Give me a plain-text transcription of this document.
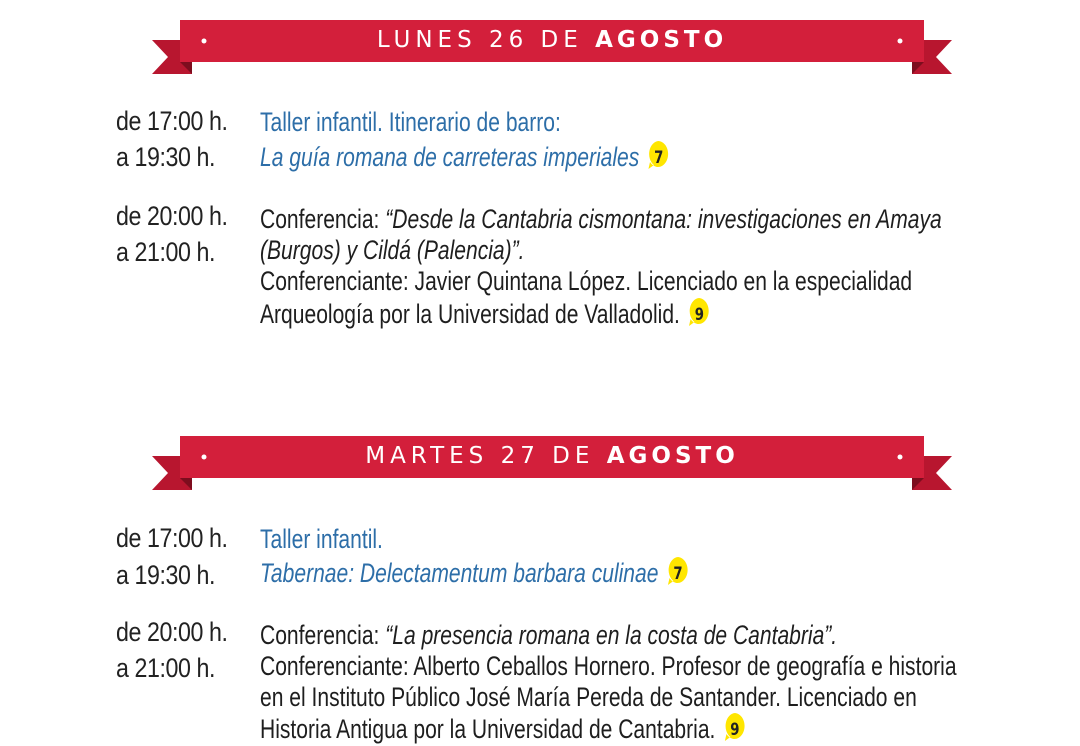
LUNES 26 DE AGOSTO
de 17:00 h.
a 19:30 h.
Taller infantil. Itinerario de barro:
La guía romana de carreteras imperiales 7
de 20:00 h.
a 21:00 h.
Conferencia: “Desde la Cantabria cismontana: investigaciones en Amaya
(Burgos) y Cildá (Palencia)”.
Conferenciante: Javier Quintana López. Licenciado en la especialidad
Arqueología por la Universidad de Valladolid. 9
MARTES 27 DE AGOSTO
de 17:00 h.
a 19:30 h.
Taller infantil.
Tabernae: Delectamentum barbara culinae 7
de 20:00 h.
a 21:00 h.
Conferencia: “La presencia romana en la costa de Cantabria”.
Conferenciante: Alberto Ceballos Hornero. Profesor de geografía e historia
en el Instituto Público José María Pereda de Santander. Licenciado en
Historia Antigua por la Universidad de Cantabria. 9
